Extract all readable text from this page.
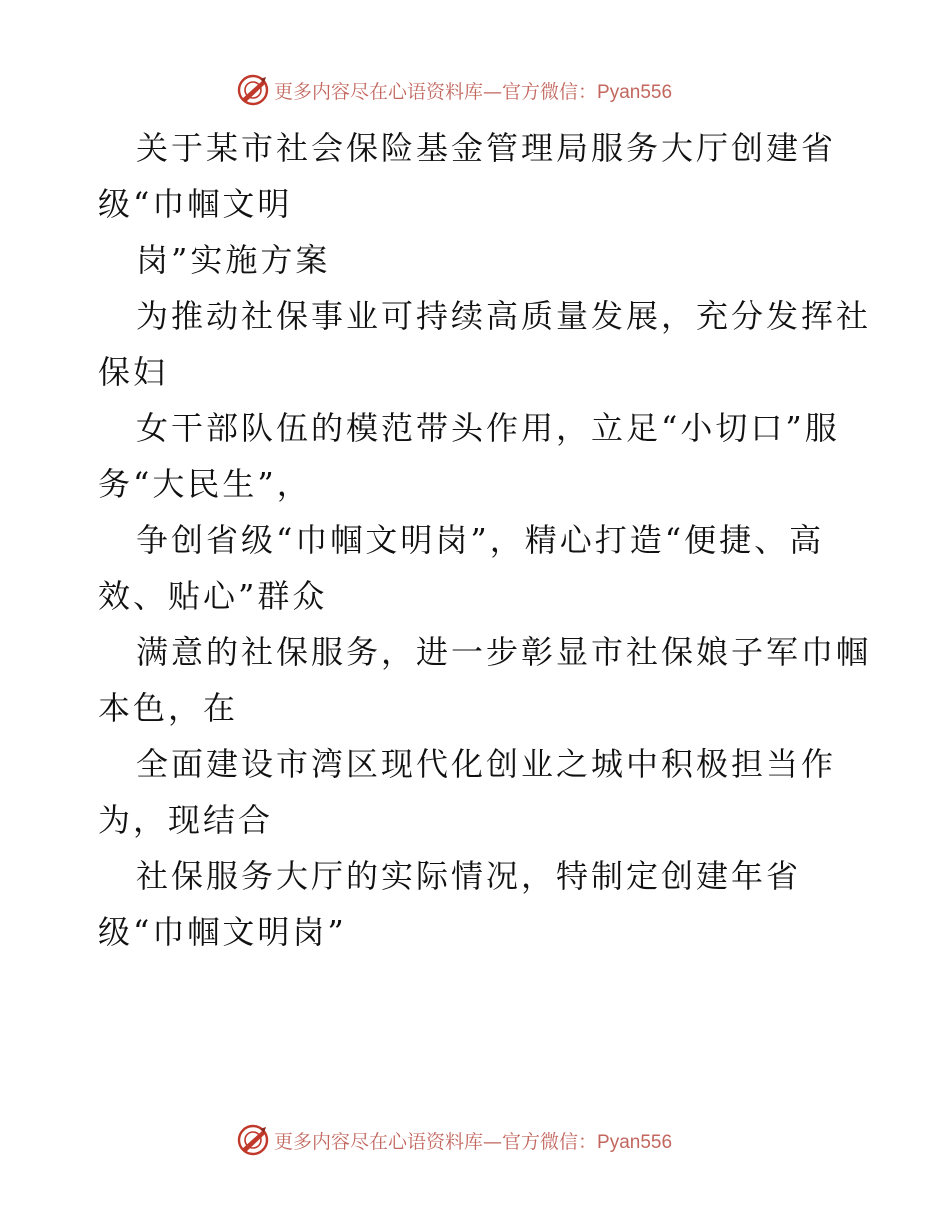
更多内容尽在心语资料库—官方微信：Pyan556
关于某市社会保险基金管理局服务大厅创建省
级“巾帼文明
岗”实施方案
为推动社保事业可持续高质量发展，充分发挥社
保妇
女干部队伍的模范带头作用，立足“小切口”服
务“大民生”，
争创省级“巾帼文明岗”，精心打造“便捷、高
效、贴心”群众
满意的社保服务，进一步彰显市社保娘子军巾帼
本色，在
全面建设市湾区现代化创业之城中积极担当作
为，现结合
社保服务大厅的实际情况，特制定创建年省
级“巾帼文明岗”
更多内容尽在心语资料库—官方微信：Pyan556
